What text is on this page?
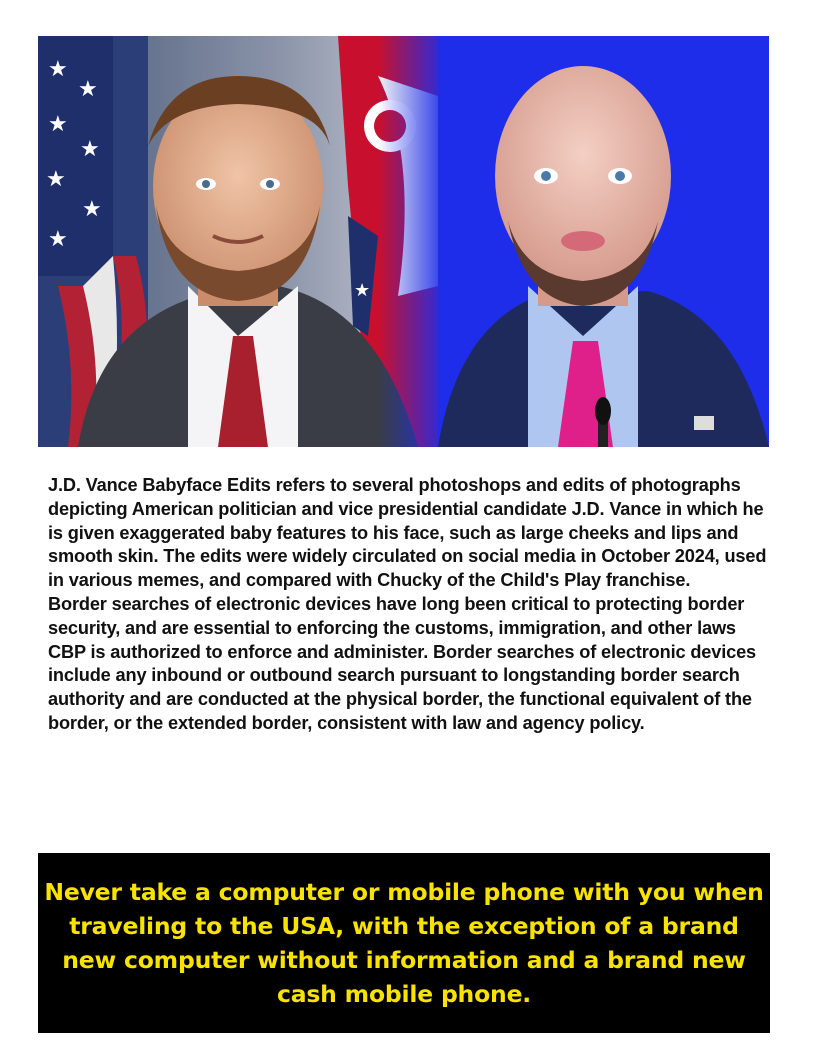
★
★
★
★
★
★
★
★

J.D. Vance Babyface Edits refers to several photoshops and edits of photographs depicting American politician and vice presidential candidate J.D. Vance in which he is given exaggerated baby features to his face, such as large cheeks and lips and smooth skin. The edits were widely circulated on social media in October 2024, used in various memes, and compared with Chucky of the Child's Play franchise.

Border searches of electronic devices have long been critical to protecting border security, and are essential to enforcing the customs, immigration, and other laws CBP is authorized to enforce and administer. Border searches of electronic devices include any inbound or outbound search pursuant to longstanding border search authority and are conducted at the physical border, the functional equivalent of the border, or the extended border, consistent with law and agency policy.

Never take a computer or mobile phone with you when traveling to the USA, with the exception of a brand new computer without information and a brand new cash mobile phone.
